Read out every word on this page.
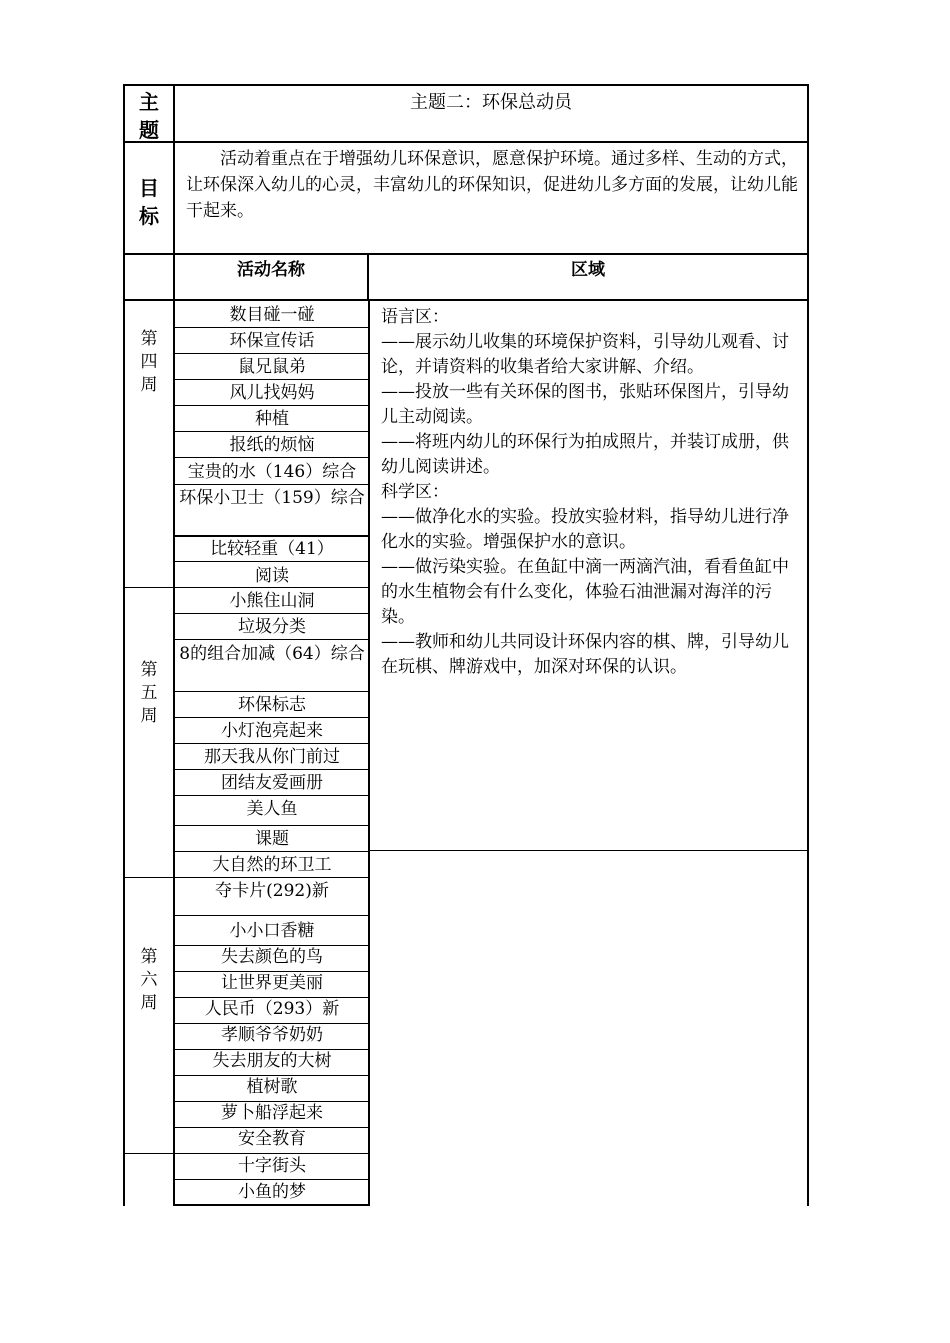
主
题
主题二：环保总动员
目
标
活动着重点在于增强幼儿环保意识，愿意保护环境。通过多样、生动的方式，让环保深入幼儿的心灵，丰富幼儿的环保知识，促进幼儿多方面的发展，让幼儿能干起来。
活动名称	区域
第
四
周
第
五
周
第
六
周
数目碰一碰
环保宣传话
鼠兄鼠弟
风儿找妈妈
种植
报纸的烦恼
宝贵的水（146）综合
环保小卫士（159）综合
比较轻重（41）
阅读
小熊住山洞
垃圾分类
8的组合加减（64）综合
环保标志
小灯泡亮起来
那天我从你门前过
团结友爱画册
美人鱼
课题
大自然的环卫工
夺卡片(292)新
小小口香糖
失去颜色的鸟
让世界更美丽
人民币（293）新
孝顺爷爷奶奶
失去朋友的大树
植树歌
萝卜船浮起来
安全教育
十字街头
小鱼的梦
语言区：
——展示幼儿收集的环境保护资料，引导幼儿观看、讨论，并请资料的收集者给大家讲解、介绍。
——投放一些有关环保的图书，张贴环保图片，引导幼儿主动阅读。
——将班内幼儿的环保行为拍成照片，并装订成册，供幼儿阅读讲述。
科学区：
——做净化水的实验。投放实验材料，指导幼儿进行净化水的实验。增强保护水的意识。
——做污染实验。在鱼缸中滴一两滴汽油，看看鱼缸中的水生植物会有什么变化，体验石油泄漏对海洋的污染。
——教师和幼儿共同设计环保内容的棋、牌，引导幼儿在玩棋、牌游戏中，加深对环保的认识。
